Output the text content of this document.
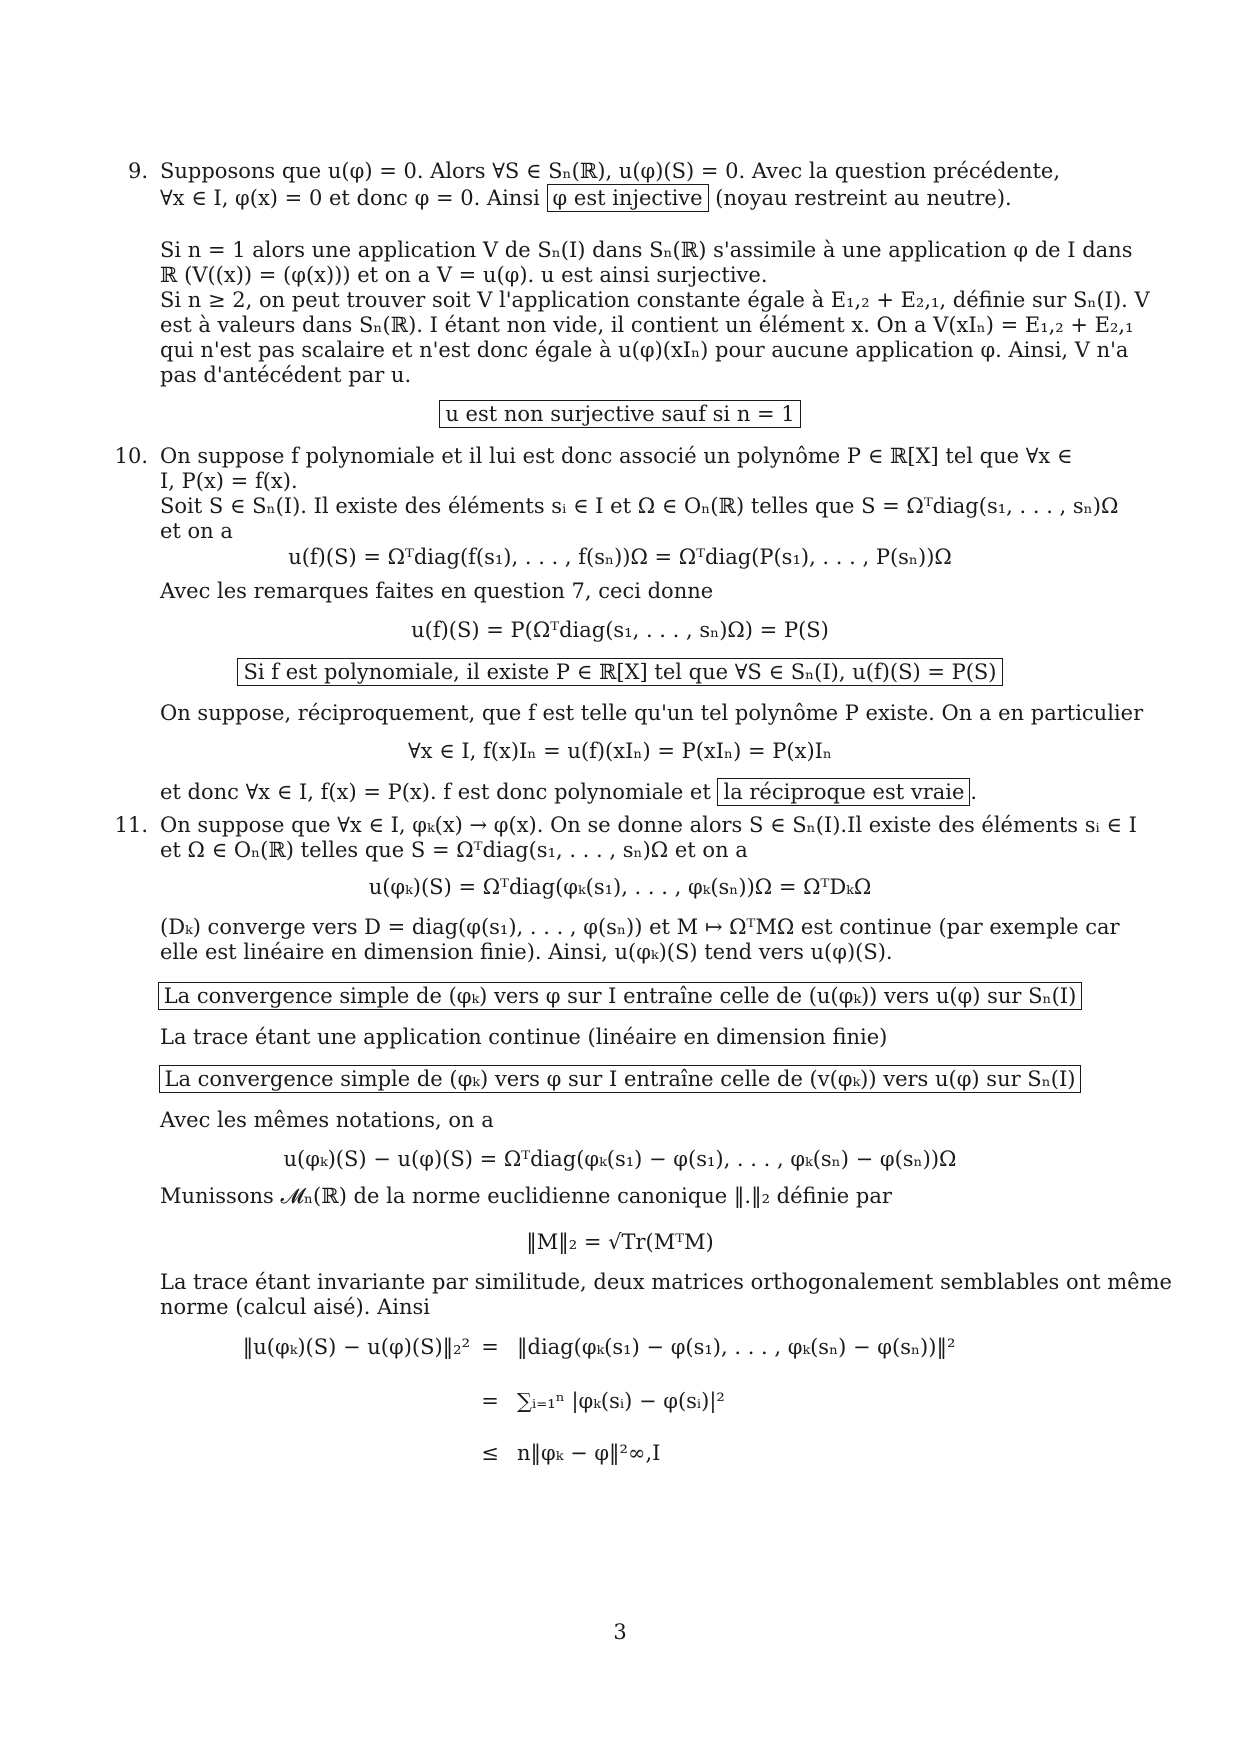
9. Supposons que u(φ) = 0. Alors ∀S ∈ Sₙ(ℝ), u(φ)(S) = 0. Avec la question précédente,
∀x ∈ I, φ(x) = 0 et donc φ = 0. Ainsi φ est injective (noyau restreint au neutre).
Si n = 1 alors une application V de Sₙ(I) dans Sₙ(ℝ) s'assimile à une application φ de I dans
ℝ (V((x)) = (φ(x))) et on a V = u(φ). u est ainsi surjective.
Si n ≥ 2, on peut trouver soit V l'application constante égale à E₁,₂ + E₂,₁, définie sur Sₙ(I). V
est à valeurs dans Sₙ(ℝ). I étant non vide, il contient un élément x. On a V(xIₙ) = E₁,₂ + E₂,₁
qui n'est pas scalaire et n'est donc égale à u(φ)(xIₙ) pour aucune application φ. Ainsi, V n'a
pas d'antécédent par u.
u est non surjective sauf si n = 1
10. On suppose f polynomiale et il lui est donc associé un polynôme P ∈ ℝ[X] tel que ∀x ∈
I, P(x) = f(x).
Soit S ∈ Sₙ(I). Il existe des éléments sᵢ ∈ I et Ω ∈ Oₙ(ℝ) telles que S = Ωᵀdiag(s₁, . . . , sₙ)Ω
et on a
u(f)(S) = Ωᵀdiag(f(s₁), . . . , f(sₙ))Ω = Ωᵀdiag(P(s₁), . . . , P(sₙ))Ω
Avec les remarques faites en question 7, ceci donne
u(f)(S) = P(Ωᵀdiag(s₁, . . . , sₙ)Ω) = P(S)
Si f est polynomiale, il existe P ∈ ℝ[X] tel que ∀S ∈ Sₙ(I), u(f)(S) = P(S)
On suppose, réciproquement, que f est telle qu'un tel polynôme P existe. On a en particulier
∀x ∈ I, f(x)Iₙ = u(f)(xIₙ) = P(xIₙ) = P(x)Iₙ
et donc ∀x ∈ I, f(x) = P(x). f est donc polynomiale et la réciproque est vraie .
11. On suppose que ∀x ∈ I, φₖ(x) → φ(x). On se donne alors S ∈ Sₙ(I).Il existe des éléments sᵢ ∈ I
et Ω ∈ Oₙ(ℝ) telles que S = Ωᵀdiag(s₁, . . . , sₙ)Ω et on a
u(φₖ)(S) = Ωᵀdiag(φₖ(s₁), . . . , φₖ(sₙ))Ω = ΩᵀDₖΩ
(Dₖ) converge vers D = diag(φ(s₁), . . . , φ(sₙ)) et M ↦ ΩᵀMΩ est continue (par exemple car
elle est linéaire en dimension finie). Ainsi, u(φₖ)(S) tend vers u(φ)(S).
La convergence simple de (φₖ) vers φ sur I entraîne celle de (u(φₖ)) vers u(φ) sur Sₙ(I)
La trace étant une application continue (linéaire en dimension finie)
La convergence simple de (φₖ) vers φ sur I entraîne celle de (v(φₖ)) vers u(φ) sur Sₙ(I)
Avec les mêmes notations, on a
u(φₖ)(S) − u(φ)(S) = Ωᵀdiag(φₖ(s₁) − φ(s₁), . . . , φₖ(sₙ) − φ(sₙ))Ω
Munissons 𝓜ₙ(ℝ) de la norme euclidienne canonique ‖.‖₂ définie par
‖M‖₂ = √Tr(MᵀM)
La trace étant invariante par similitude, deux matrices orthogonalement semblables ont même
norme (calcul aisé). Ainsi
‖u(φₖ)(S) − u(φ)(S)‖₂² = ‖diag(φₖ(s₁) − φ(s₁), . . . , φₖ(sₙ) − φ(sₙ))‖²
= ∑ᵢ₌₁ⁿ |φₖ(sᵢ) − φ(sᵢ)|²
≤ n‖φₖ − φ‖²∞,I
3
